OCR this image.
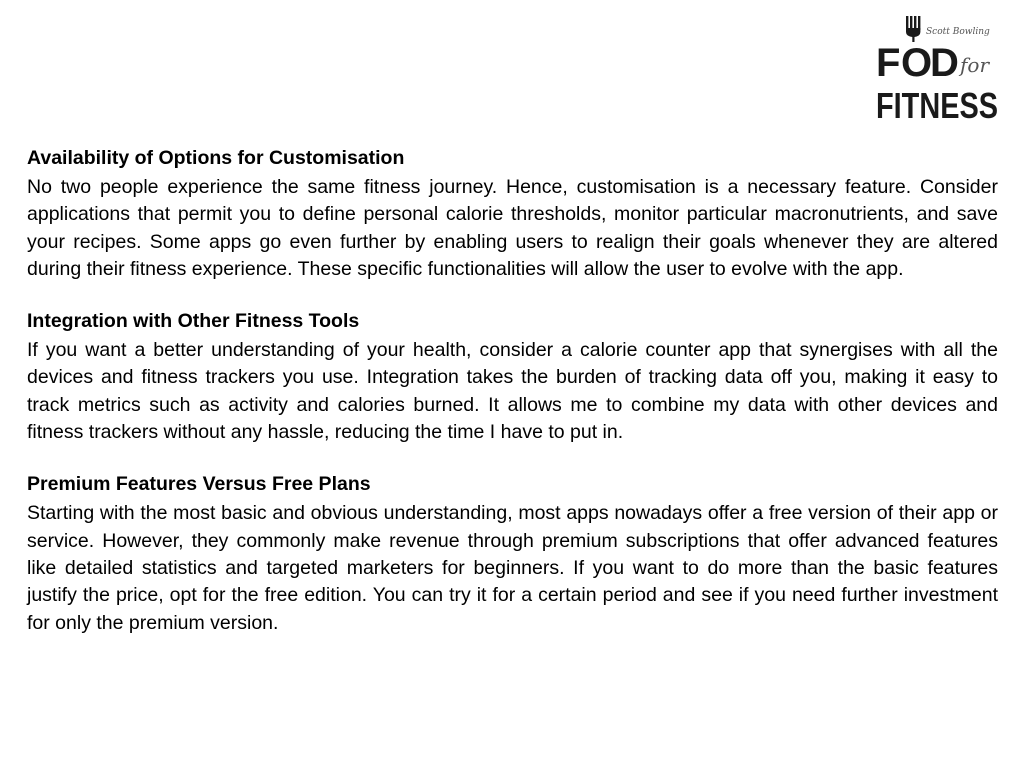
Scott Bowling
F O
D for
FITNESS
Availability of Options for Customisation

No two people experience the same fitness journey. Hence, customisation is a necessary feature. Consider applications that permit you to define personal calorie thresholds, monitor particular macronutrients, and save your recipes. Some apps go even further by enabling users to realign their goals whenever they are altered during their fitness experience. These specific functionalities will allow the user to evolve with the app.

Integration with Other Fitness Tools

If you want a better understanding of your health, consider a calorie counter app that synergises with all the devices and fitness trackers you use. Integration takes the burden of tracking data off you, making it easy to track metrics such as activity and calories burned. It allows me to combine my data with other devices and fitness trackers without any hassle, reducing the time I have to put in.

Premium Features Versus Free Plans

Starting with the most basic and obvious understanding, most apps nowadays offer a free version of their app or service. However, they commonly make revenue through premium subscriptions that offer advanced features like detailed statistics and targeted marketers for beginners. If you want to do more than the basic features justify the price, opt for the free edition. You can try it for a certain period and see if you need further investment for only the premium version.
